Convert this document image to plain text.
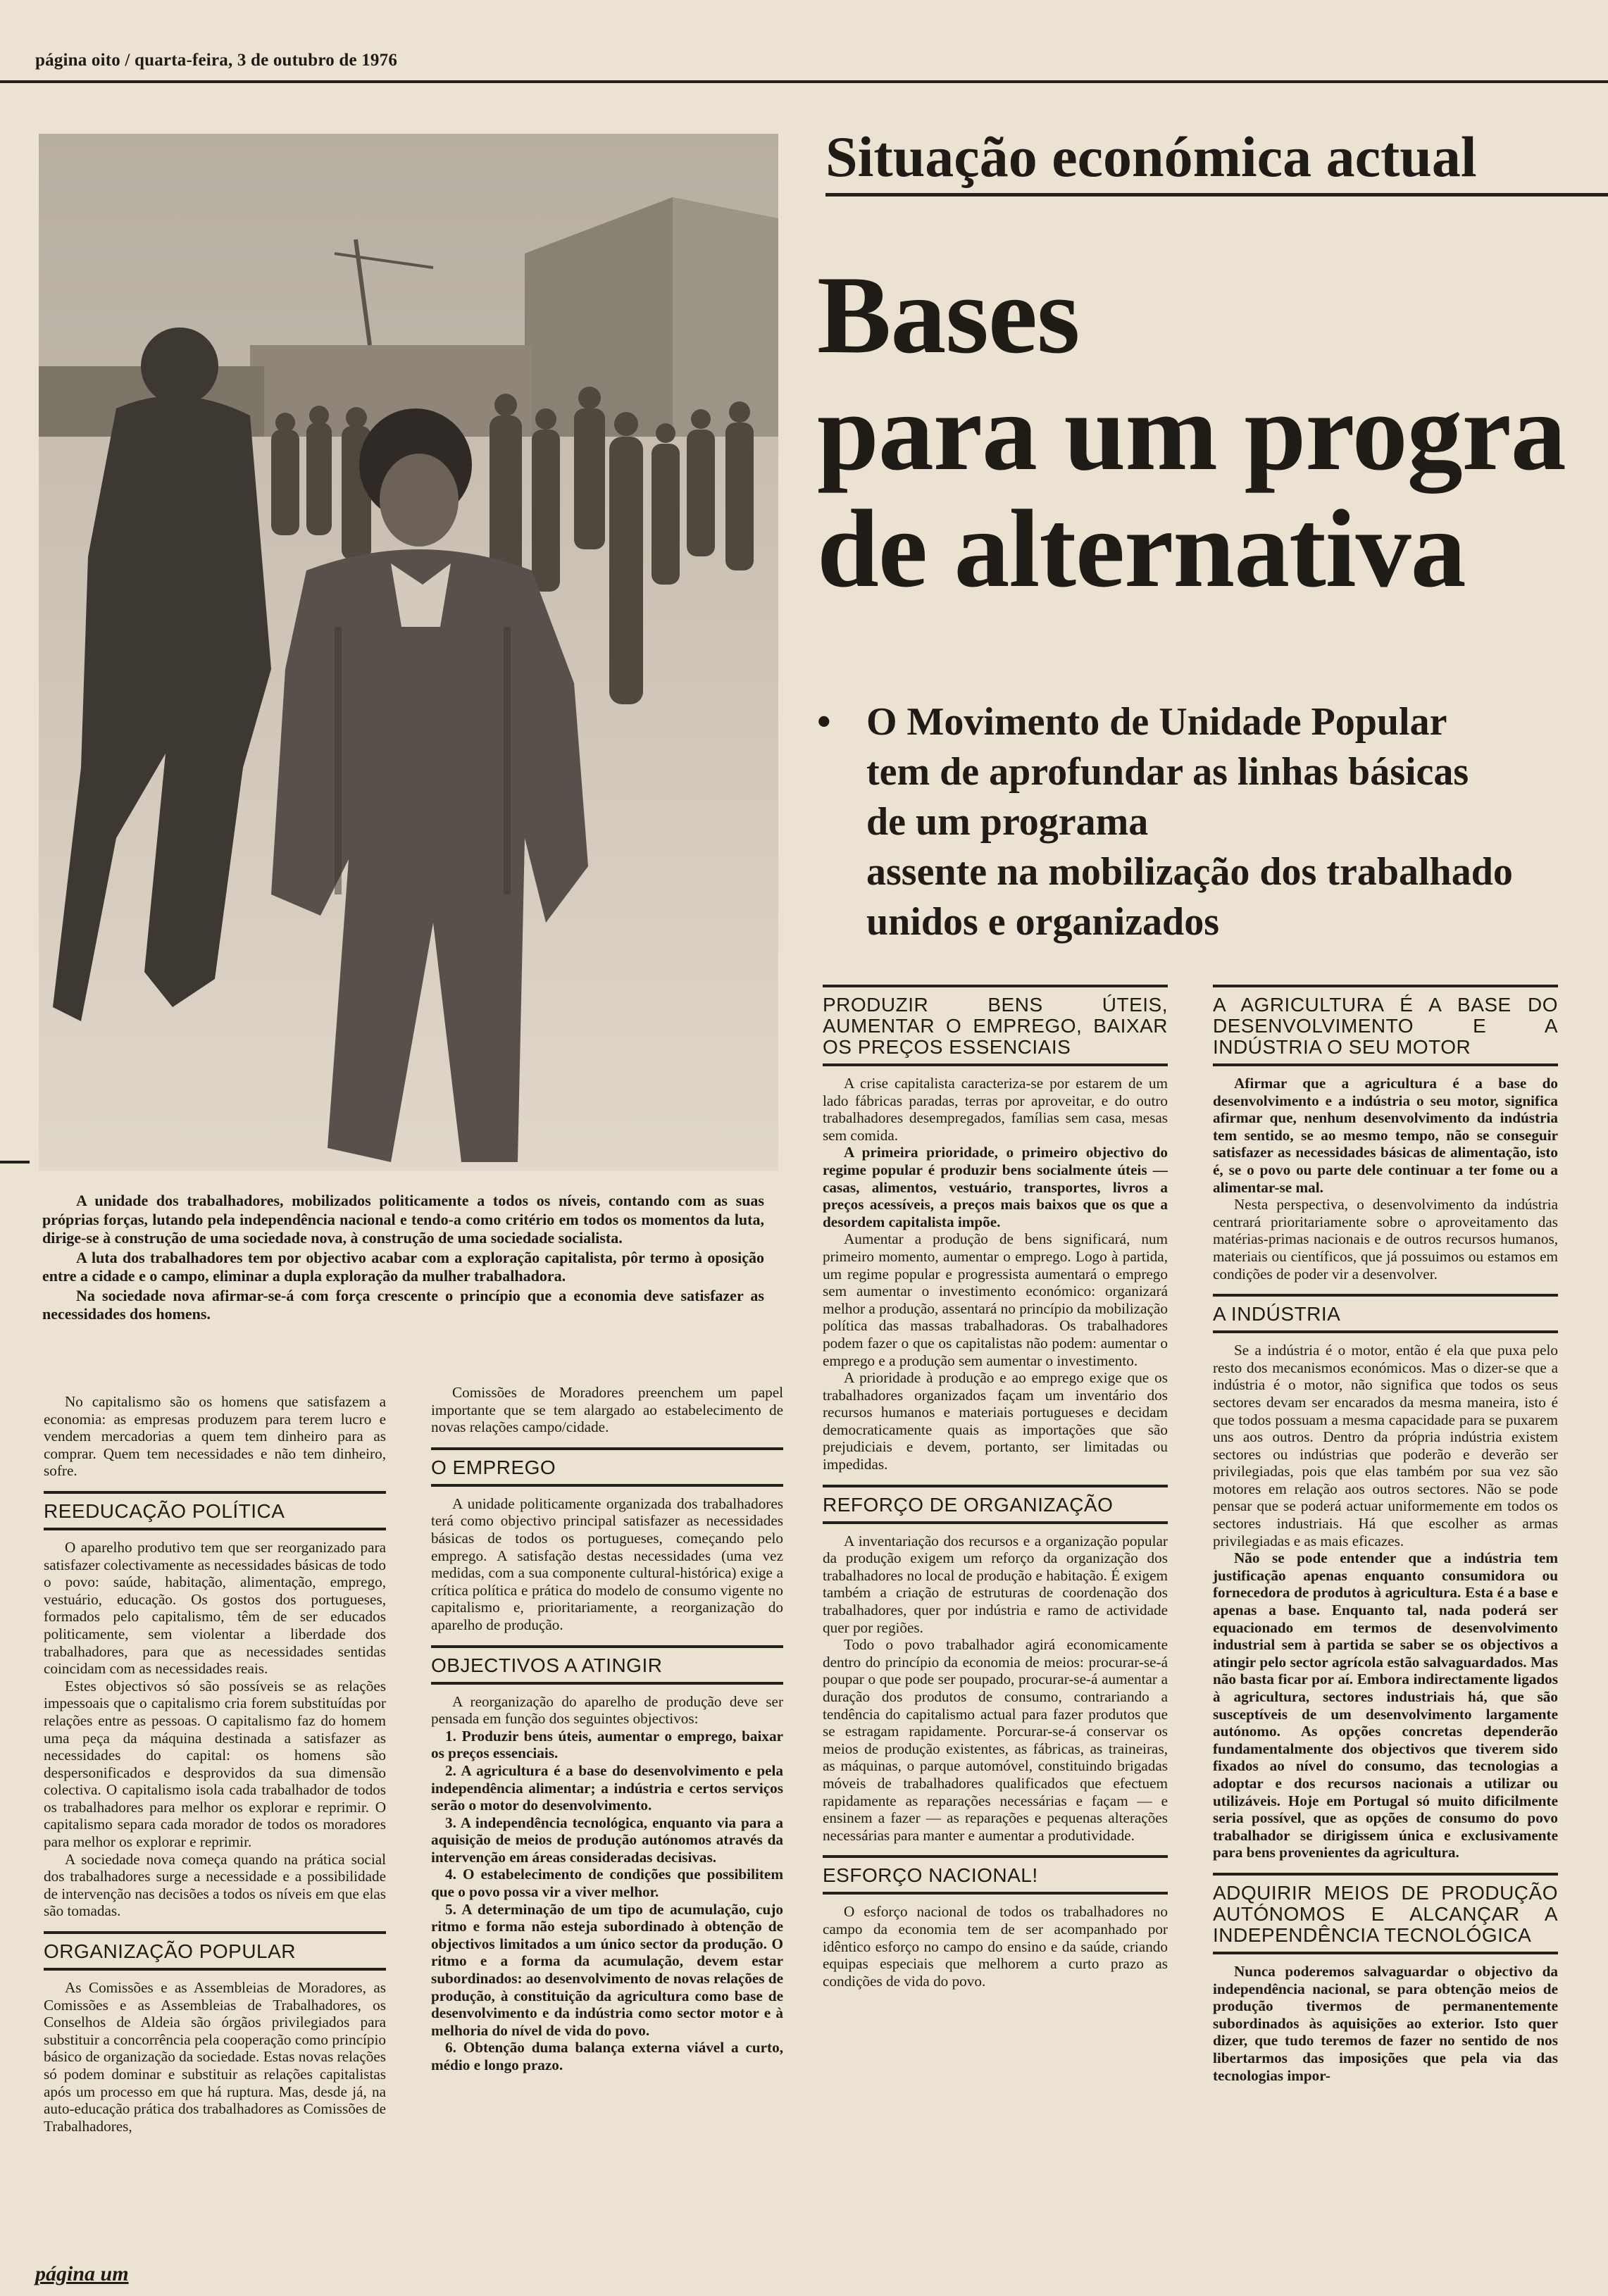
página oito / quarta-feira, 3 de outubro de 1976
Situação económica actual
Bases
para um progra
de alternativa
• O Movimento de Unidade Popular
tem de aprofundar as linhas básicas
de um programa
assente na mobilização dos trabalhado
unidos e organizados

A unidade dos trabalhadores, mobilizados politicamente a todos os níveis, contando com as suas próprias forças, lutando pela independência nacional e tendo-a como critério em todos os momentos da luta, dirige-se à construção de uma sociedade nova, à construção de uma sociedade socialista.

A luta dos trabalhadores tem por objectivo acabar com a exploração capitalista, pôr termo à oposição entre a cidade e o campo, eliminar a dupla exploração da mulher trabalhadora.

Na sociedade nova afirmar-se-á com força crescente o princípio que a economia deve satisfazer as necessidades dos homens.

No capitalismo são os homens que satisfazem a economia: as empresas produzem para terem lucro e vendem mercadorias a quem tem dinheiro para as comprar. Quem tem necessidades e não tem dinheiro, sofre.

REEDUCAÇÃO POLÍTICA

O aparelho produtivo tem que ser reorganizado para satisfazer colectivamente as necessidades básicas de todo o povo: saúde, habitação, alimentação, emprego, vestuário, educação. Os gostos dos portugueses, formados pelo capitalismo, têm de ser educados politicamente, sem violentar a liberdade dos trabalhadores, para que as necessidades sentidas coincidam com as necessidades reais.

Estes objectivos só são possíveis se as relações impessoais que o capitalismo cria forem substituídas por relações entre as pessoas. O capitalismo faz do homem uma peça da máquina destinada a satisfazer as necessidades do capital: os homens são despersonificados e desprovidos da sua dimensão colectiva. O capitalismo isola cada trabalhador de todos os trabalhadores para melhor os explorar e reprimir. O capitalismo separa cada morador de todos os moradores para melhor os explorar e reprimir.

A sociedade nova começa quando na prática social dos trabalhadores surge a necessidade e a possibilidade de intervenção nas decisões a todos os níveis em que elas são tomadas.

ORGANIZAÇÃO POPULAR

As Comissões e as Assembleias de Moradores, as Comissões e as Assembleias de Trabalhadores, os Conselhos de Aldeia são órgãos privilegiados para substituir a concorrência pela cooperação como princípio básico de organização da sociedade. Estas novas relações só podem dominar e substituir as relações capitalistas após um processo em que há ruptura. Mas, desde já, na auto-educação prática dos trabalhadores as Comissões de Trabalhadores,

Comissões de Moradores preenchem um papel importante que se tem alargado ao estabelecimento de novas relações campo/cidade.

O EMPREGO

A unidade politicamente organizada dos trabalhadores terá como objectivo principal satisfazer as necessidades básicas de todos os portugueses, começando pelo emprego. A satisfação destas necessidades (uma vez medidas, com a sua componente cultural-histórica) exige a crítica política e prática do modelo de consumo vigente no capitalismo e, prioritariamente, a reorganização do aparelho de produção.

OBJECTIVOS A ATINGIR

A reorganização do aparelho de produção deve ser pensada em função dos seguintes objectivos:

1. Produzir bens úteis, aumentar o emprego, baixar os preços essenciais.

2. A agricultura é a base do desenvolvimento e pela independência alimentar; a indústria e certos serviços serão o motor do desenvolvimento.

3. A independência tecnológica, enquanto via para a aquisição de meios de produção autónomos através da intervenção em áreas consideradas decisivas.

4. O estabelecimento de condições que possibilitem que o povo possa vir a viver melhor.

5. A determinação de um tipo de acumulação, cujo ritmo e forma não esteja subordinado à obtenção de objectivos limitados a um único sector da produção. O ritmo e a forma da acumulação, devem estar subordinados: ao desenvolvimento de novas relações de produção, à constituição da agricultura como base de desenvolvimento e da indústria como sector motor e à melhoria do nível de vida do povo.

6. Obtenção duma balança externa viável a curto, médio e longo prazo.

PRODUZIR BENS ÚTEIS, AUMENTAR O EMPREGO, BAIXAR OS PREÇOS ESSENCIAIS

A crise capitalista caracteriza-se por estarem de um lado fábricas paradas, terras por aproveitar, e do outro trabalhadores desempregados, famílias sem casa, mesas sem comida.

A primeira prioridade, o primeiro objectivo do regime popular é produzir bens socialmente úteis — casas, alimentos, vestuário, transportes, livros a preços acessíveis, a preços mais baixos que os que a desordem capitalista impõe.

Aumentar a produção de bens significará, num primeiro momento, aumentar o emprego. Logo à partida, um regime popular e progressista aumentará o emprego sem aumentar o investimento económico: organizará melhor a produção, assentará no princípio da mobilização política das massas trabalhadoras. Os trabalhadores podem fazer o que os capitalistas não podem: aumentar o emprego e a produção sem aumentar o investimento.

A prioridade à produção e ao emprego exige que os trabalhadores organizados façam um inventário dos recursos humanos e materiais portugueses e decidam democraticamente quais as importações que são prejudiciais e devem, portanto, ser limitadas ou impedidas.

REFORÇO DE ORGANIZAÇÃO

A inventariação dos recursos e a organização popular da produção exigem um reforço da organização dos trabalhadores no local de produção e habitação. É exigem também a criação de estruturas de coordenação dos trabalhadores, quer por indústria e ramo de actividade quer por regiões.

Todo o povo trabalhador agirá economicamente dentro do princípio da economia de meios: procurar-se-á poupar o que pode ser poupado, procurar-se-á aumentar a duração dos produtos de consumo, contrariando a tendência do capitalismo actual para fazer produtos que se estragam rapidamente. Porcurar-se-á conservar os meios de produção existentes, as fábricas, as traineiras, as máquinas, o parque automóvel, constituindo brigadas móveis de trabalhadores qualificados que efectuem rapidamente as reparações necessárias e façam — e ensinem a fazer — as reparações e pequenas alterações necessárias para manter e aumentar a produtividade.

ESFORÇO NACIONAL!

O esforço nacional de todos os trabalhadores no campo da economia tem de ser acompanhado por idêntico esforço no campo do ensino e da saúde, criando equipas especiais que melhorem a curto prazo as condições de vida do povo.

A AGRICULTURA É A BASE DO DESENVOLVIMENTO E A INDÚSTRIA O SEU MOTOR

Afirmar que a agricultura é a base do desenvolvimento e a indústria o seu motor, significa afirmar que, nenhum desenvolvimento da indústria tem sentido, se ao mesmo tempo, não se conseguir satisfazer as necessidades básicas de alimentação, isto é, se o povo ou parte dele continuar a ter fome ou a alimentar-se mal.

Nesta perspectiva, o desenvolvimento da indústria centrará prioritariamente sobre o aproveitamento das matérias-primas nacionais e de outros recursos humanos, materiais ou científicos, que já possuimos ou estamos em condições de poder vir a desenvolver.

A INDÚSTRIA

Se a indústria é o motor, então é ela que puxa pelo resto dos mecanismos económicos. Mas o dizer-se que a indústria é o motor, não significa que todos os seus sectores devam ser encarados da mesma maneira, isto é que todos possuam a mesma capacidade para se puxarem uns aos outros. Dentro da própria indústria existem sectores ou indústrias que poderão e deverão ser privilegiadas, pois que elas também por sua vez são motores em relação aos outros sectores. Não se pode pensar que se poderá actuar uniformemente em todos os sectores industriais. Há que escolher as armas privilegiadas e as mais eficazes.

Não se pode entender que a indústria tem justificação apenas enquanto consumidora ou fornecedora de produtos à agricultura. Esta é a base e apenas a base. Enquanto tal, nada poderá ser equacionado em termos de desenvolvimento industrial sem à partida se saber se os objectivos a atingir pelo sector agrícola estão salvaguardados. Mas não basta ficar por aí. Embora indirectamente ligados à agricultura, sectores industriais há, que são susceptíveis de um desenvolvimento largamente autónomo. As opções concretas dependerão fundamentalmente dos objectivos que tiverem sido fixados ao nível do consumo, das tecnologias a adoptar e dos recursos nacionais a utilizar ou utilizáveis. Hoje em Portugal só muito dificilmente seria possível, que as opções de consumo do povo trabalhador se dirigissem única e exclusivamente para bens provenientes da agricultura.

ADQUIRIR MEIOS DE PRODUÇÃO AUTÓNOMOS E ALCANÇAR A INDEPENDÊNCIA TECNOLÓGICA

Nunca poderemos salvaguardar o objectivo da independência nacional, se para obtenção meios de produção tivermos de permanentemente subordinados às aquisições ao exterior. Isto quer dizer, que tudo teremos de fazer no sentido de nos libertarmos das imposições que pela via das tecnologias impor-

página um
